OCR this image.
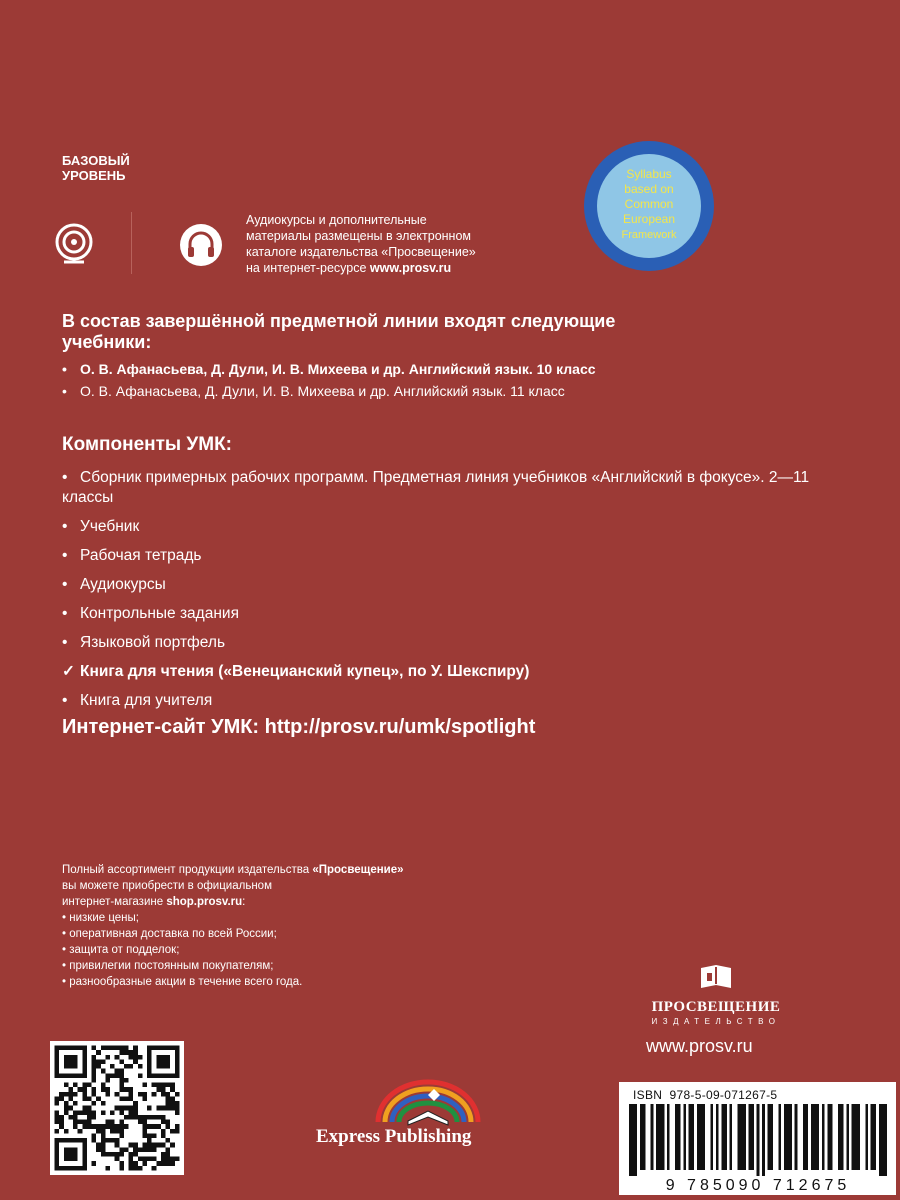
БАЗОВЫЙ
УРОВЕНЬ
Аудиокурсы и дополнительные
материалы размещены в электронном
каталоге издательства «Просвещение»
на интернет-ресурсе www.prosv.ru
Syllabus
based on
Common
European
Framework
В состав завершённой предметной линии входят следующие
учебники:
• О. В. Афанасьева, Д. Дули, И. В. Михеева и др. Английский язык. 10 класс
• О. В. Афанасьева, Д. Дули, И. В. Михеева и др. Английский язык. 11 класс
Компоненты УМК:
• Сборник примерных рабочих программ. Предметная линия учебников «Английский в фокусе». 2—11 классы
• Учебник
• Рабочая тетрадь
• Аудиокурсы
• Контрольные задания
• Языковой портфель
✓ Книга для чтения («Венецианский купец», по У. Шекспиру)
• Книга для учителя
Интернет-сайт УМК: http://prosv.ru/umk/spotlight
Полный ассортимент продукции издательства «Просвещение»
вы можете приобрести в официальном
интернет-магазине shop.prosv.ru:
• низкие цены;
• оперативная доставка по всей России;
• защита от подделок;
• привилегии постоянным покупателям;
• разнообразные акции в течение всего года.
ПРОСВЕЩЕНИЕ
ИЗДАТЕЛЬСТВО
www.prosv.ru
Express Publishing
ISBN 978-5-09-071267-5
9 785090 712675
